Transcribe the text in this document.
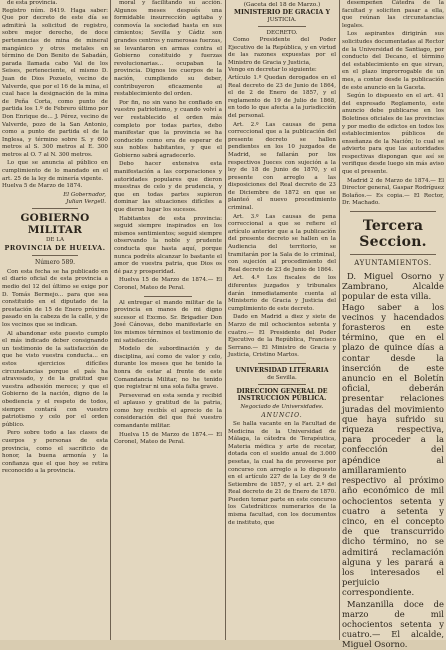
de esta provincia.
Registro núm. 8419. Haga saber: Que por decreto de este día se admitirá la solicitud de registro, sobre mejor derecho, de doce pertenencias de mina de mineral mangánico y otros metales en término de Don Benito de Sabadán, parada llamada cabo Val de los Seises, perteneciente, el mismo D. Juan de Dios Pozuelo, vecino de Valverde, que por el 16 de la mina, el cual hace la designación de la mina de Peña Corta, como punto de partida los 1.º de Febrero último por Don Enrique de... J. Pérez, vecino de Valverde, pozo de la San Antonio, como a punto de partida el de la Inglesa, y término sobre S. y 600 metros al S. 300 metros al E. 300 metros al O. 7 al N. 300 metros.

Lo que se anuncia al público en cumplimiento de lo mandado en el art. 25 de la ley de minería vigente.
Huelva 5 de Marzo de 1874.

El Gobernador,

Julian Vergell.

GOBIERNO MILITAR

DE LA

PROVINCIA DE HUELVA.

Número 589.

Con esta fecha se ha publicado en el diario oficial de esta provincia a medio del 12 del último se exige por D. Tomás Bermejo... para que sea constituido en el diputado de la prestación de 15 de Enero próximo pasado en la cabeza de la calle, y de los vecinos que se indican.

Al abandonar este puesto cumplo el más indicado deber consignando un testimonio de la satisfacción de que he visto vuestra conducta... en estos ejercicios difíciles circunstancias porque el país ha atravesado, y de la gratitud que vuestra adhesión merece; y que el Gobierno de la nación, digno de la obediencia y el respeto de todos, siempre contará con vuestro patriotismo y celo por el orden público.

Pero sobre todo a las clases de cuerpos y personas de esta provincia, como el sacrificio de honor, la buena armonía y la confianza que el que hoy se retira reconocido a la provincia.

moral y facilitando su acción. Algunos meses después una formidable insurrección agitaba y conmovía la sociedad hasta en sus cimientos; Sevilla y Cádiz son grandes centros y numerosas fuerzas, se levantaron en armas contra el Gobierno constituido y fuerzas revolucionarias... ocupaban la provincia. Dignos los cuerpos de la nación, cumpliendo su deber, contribuyeron eficazmente al restablecimiento del orden.

Por fin, no sin vano he confiado en vuestro patriotismo, y cuando volví a ver restablecido el orden más completo por todas partes, debo manifestar que la provincia se ha conducido como era de esperar de sus nobles habitantes, y que el Gobierno sabrá agradecerlo.

Debo hacer extensiva esta manifestación a las corporaciones y autoridades populares que dieron muestras de celo y de prudencia, y que en todas partes supieron dominar las situaciones difíciles a que dieron lugar los sucesos.

Habitantes de esta provincia: seguid siempre inspirados en los mismos sentimientos; seguid siempre observando la noble y prudente conducta que hasta aquí, porque nunca podréis alcanzar lo bastante el amor de vuestra patria, que Dios os dé paz y prosperidad.

Huelva 15 de Marzo de 1874.— El Coronel, Mateo de Peral.

Al entregar el mando militar de la provincia en manos de mi digno sucesor el Excmo. Sr. Brigadier Don José Cánovas, debo manifestarle en los mismos términos el testimonio de mi satisfacción.

Modelo de subordinación y de disciplina, así como de valor y celo, durante los meses que he tenido la honra de estar al frente de este Comandancia Militar, no he tenido que registrar ni una sola falta grave.

Perseverad en esta senda y recibid el aplauso y gratitud de la patria, como hoy recibís el aprecio de la consideración del que fué vuestro comandante militar.

Huelva 15 de Marzo de 1874.— El Coronel, Mateo de Peral.

(Gaceta del 18 de Marzo.)

MINISTERIO DE GRACIA Y

JUSTICIA.

DECRETO.

Como Presidente del Poder Ejecutivo de la República, y en virtud de las razones expuestas por el Ministro de Gracia y Justicia,
Vengo en decretar lo siguiente:
Artículo 1.º Quedan derogados en el Real decreto de 23 de Junio de 1864, el de 2 de Enero de 1857, y el reglamento de 19 de Julio de 1868, en todo lo que afecta a la jurisdicción del personal.

Art. 2.º Las causas de pena correccional que a la publicación del presente decreto se hallen pendientes en los 10 juzgados de Madrid, se fallarán por los respectivos Jueces con sujeción a la ley de 18 de Junio de 1870, y el presente con arreglo a las disposiciones del Real decreto de 23 de Diciembre de 1872 en que se planteó el nuevo procedimiento criminal.

Art. 3.º Las causas de pena correccional a que se refiere el artículo anterior que a la publicación del presente decreto se hallen en la Audiencia del territorio, se tramitarán por la Sala de lo criminal, con sujeción al procedimiento del Real decreto de 23 de Junio de 1864.

Art. 4.º Los fiscales de los diferentes juzgados y tribunales darán inmediatamente cuenta al Ministerio de Gracia y Justicia del cumplimiento de este decreto.

Dado en Madrid a diez y siete de Marzo de mil ochocientos setenta y cuatro.— El Presidente del Poder Ejecutivo de la República, Francisco Serrano.— El Ministro de Gracia y Justicia, Cristino Martos.

UNIVERSIDAD LITERARIA

de Sevilla.

DIRECCION GENERAL DE INSTRUCCION PÚBLICA.

Negociado de Universidades.

ANUNCIO.

Se halla vacante en la Facultad de Medicina de la Universidad de Málaga, la cátedra de Terapéutica, Materia médica y arte de recetar, dotada con el sueldo anual de 3.000 pesetas, la cual ha de proveerse por concurso con arreglo a lo dispuesto en el artículo 227 de la Ley de 9 de Setiembre de 1857, y el art. 2.º del Real decreto de 21 de Enero de 1870. Pueden tomar parte en este concurso los Catedráticos numerarios de la misma facultad, con los documentos de instituto, que

desempeñen Cátedra de la facultad y soliciten pasar a ella, que reúnan las circunstancias legales.

Los aspirantes dirigirán sus solicitudes documentadas al Rector de la Universidad de Santiago, por conducto del Decano, el término del establecimiento en que sirvan, en el plazo improrrogable de un mes, a contar desde la publicación de este anuncio en la Gaceta.

Según lo dispuesto en el art. 41 del expresado Reglamento, este anuncio debe publicarse en los Boletines oficiales de las provincias y por medio de edictos en todos los establecimientos públicos de enseñanza de la Nación; lo cual se advierte para que las autoridades respectivas dispongan que así se verifique desde luego sin más aviso que el presente.

Madrid 2 de Marzo de 1874.— El Director general, Gaspar Rodríguez Bolaños.— Es copia.— El Rector, Dr. Machado.

Tercera Seccion.

AYUNTAMIENTOS.

D. Miguel Osorno y Zambrano, Alcalde popular de esta villa.
Hago saber a los vecinos y hacendados forasteros en este término, que en el plazo de quince días a contar desde la inserción de este anuncio en el Boletín oficial, deberán presentar relaciones juradas del movimiento que haya sufrido su riqueza respectiva, para proceder a la confección del apéndice al amillaramiento respectivo al próximo año económico de mil ochocientos setenta y cuatro a setenta y cinco, en el concepto de que transcurrido dicho término, no se admitirá reclamación alguna y les parará a los interesados el perjuicio correspondiente.

Manzanilla doce de marzo de mil ochocientos setenta y cuatro.— El alcalde, Miguel Osorno.
